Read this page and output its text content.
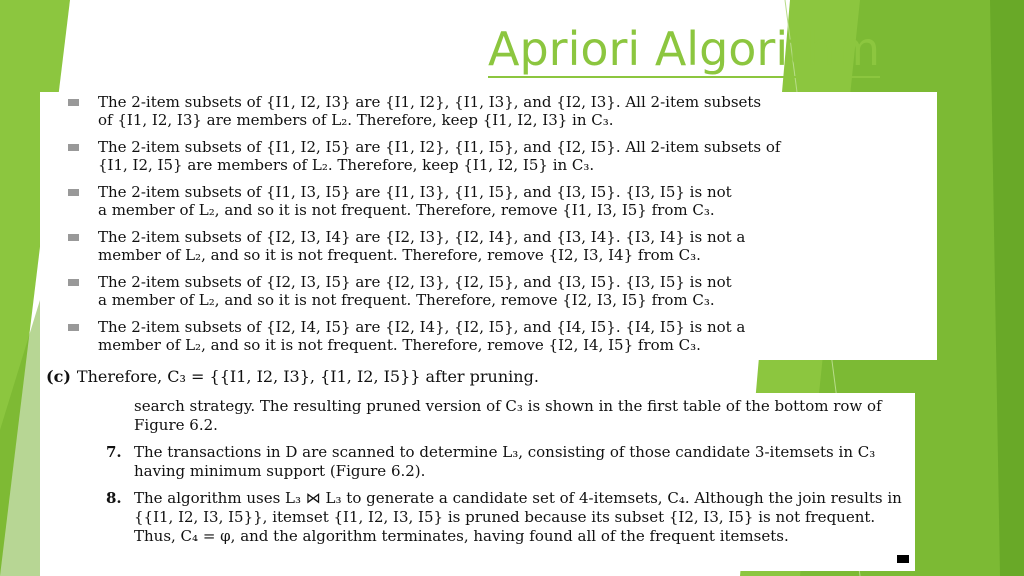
Apriori Algorithm
The 2-item subsets of {I1, I2, I3} are {I1, I2}, {I1, I3}, and {I2, I3}. All 2-item subsets
of {I1, I2, I3} are members of L₂. Therefore, keep {I1, I2, I3} in C₃.
The 2-item subsets of {I1, I2, I5} are {I1, I2}, {I1, I5}, and {I2, I5}. All 2-item subsets of
{I1, I2, I5} are members of L₂. Therefore, keep {I1, I2, I5} in C₃.
The 2-item subsets of {I1, I3, I5} are {I1, I3}, {I1, I5}, and {I3, I5}. {I3, I5} is not
a member of L₂, and so it is not frequent. Therefore, remove {I1, I3, I5} from C₃.
The 2-item subsets of {I2, I3, I4} are {I2, I3}, {I2, I4}, and {I3, I4}. {I3, I4} is not a
member of L₂, and so it is not frequent. Therefore, remove {I2, I3, I4} from C₃.
The 2-item subsets of {I2, I3, I5} are {I2, I3}, {I2, I5}, and {I3, I5}. {I3, I5} is not
a member of L₂, and so it is not frequent. Therefore, remove {I2, I3, I5} from C₃.
The 2-item subsets of {I2, I4, I5} are {I2, I4}, {I2, I5}, and {I4, I5}. {I4, I5} is not a
member of L₂, and so it is not frequent. Therefore, remove {I2, I4, I5} from C₃.
(c) Therefore, C₃ = {{I1, I2, I3}, {I1, I2, I5}} after pruning.
search strategy. The resulting pruned version of C₃ is shown in the first table of the bottom row of Figure 6.2.
7. The transactions in D are scanned to determine L₃, consisting of those candidate 3-itemsets in C₃ having minimum support (Figure 6.2).
8. The algorithm uses L₃ ⋈ L₃ to generate a candidate set of 4-itemsets, C₄. Although the join results in {{I1, I2, I3, I5}}, itemset {I1, I2, I3, I5} is pruned because its subset {I2, I3, I5} is not frequent. Thus, C₄ = φ, and the algorithm terminates, having found all of the frequent itemsets.
